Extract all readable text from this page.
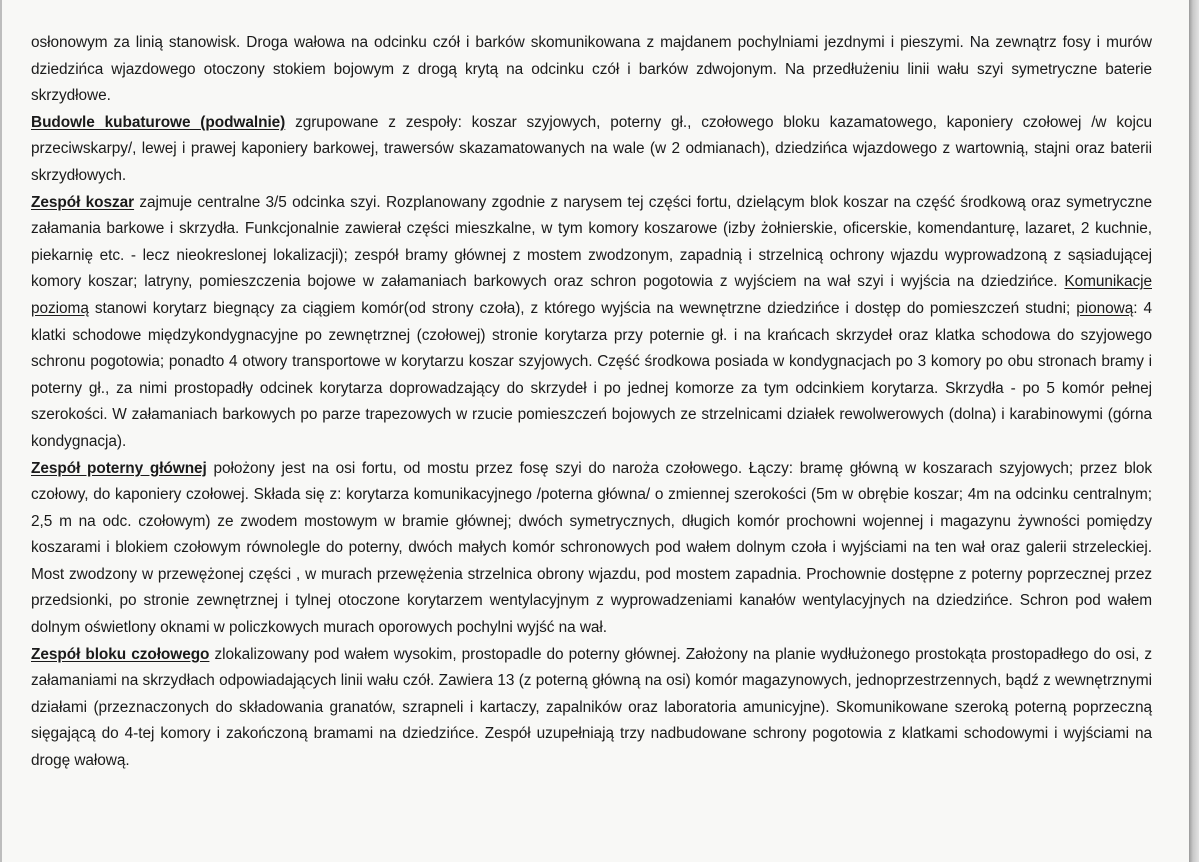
osłonowym za linią stanowisk. Droga wałowa na odcinku czół i barków skomunikowana z majdanem pochylniami jezdnymi i pieszymi. Na zewnątrz fosy i murów dziedzińca wjazdowego otoczony stokiem bojowym z drogą krytą na odcinku czół i barków zdwojonym. Na przedłużeniu linii wału szyi symetryczne baterie skrzydłowe.

Budowle kubaturowe (podwalnie) zgrupowane z zespoły: koszar szyjowych, poterny gł., czołowego bloku kazamatowego, kaponiery czołowej /w kojcu przeciwskarpy/, lewej i prawej kaponiery barkowej, trawersów skazamatowanych na wale (w 2 odmianach), dziedzińca wjazdowego z wartownią, stajni oraz baterii skrzydłowych.

Zespół koszar zajmuje centralne 3/5 odcinka szyi. Rozplanowany zgodnie z narysem tej części fortu, dzielącym blok koszar na część środkową oraz symetryczne załamania barkowe i skrzydła. Funkcjonalnie zawierał części mieszkalne, w tym komory koszarowe (izby żołnierskie, oficerskie, komendanturę, lazaret, 2 kuchnie, piekarnię etc. - lecz nieokreslonej lokalizacji); zespół bramy głównej z mostem zwodzonym, zapadnią i strzelnicą ochrony wjazdu wyprowadzoną z sąsiadującej komory koszar; latryny, pomieszczenia bojowe w załamaniach barkowych oraz schron pogotowia z wyjściem na wał szyi i wyjścia na dziedzińce. Komunikacje poziomą stanowi korytarz biegnący za ciągiem komór(od strony czoła), z którego wyjścia na wewnętrzne dziedzińce i dostęp do pomieszczeń studni; pionową: 4 klatki schodowe międzykondygnacyjne po zewnętrznej (czołowej) stronie korytarza przy poternie gł. i na krańcach skrzydeł oraz klatka schodowa do szyjowego schronu pogotowia; ponadto 4 otwory transportowe w korytarzu koszar szyjowych. Część środkowa posiada w kondygnacjach po 3 komory po obu stronach bramy i poterny gł., za nimi prostopadły odcinek korytarza doprowadzający do skrzydeł i po jednej komorze za tym odcinkiem korytarza. Skrzydła - po 5 komór pełnej szerokości. W załamaniach barkowych po parze trapezowych w rzucie pomieszczeń bojowych ze strzelnicami działek rewolwerowych (dolna) i karabinowymi (górna kondygnacja).

Zespół poterny głównej położony jest na osi fortu, od mostu przez fosę szyi do naroża czołowego. Łączy: bramę główną w koszarach szyjowych; przez blok czołowy, do kaponiery czołowej. Składa się z: korytarza komunikacyjnego /poterna główna/ o zmiennej szerokości (5m w obrębie koszar; 4m na odcinku centralnym; 2,5 m na odc. czołowym) ze zwodem mostowym w bramie głównej; dwóch symetrycznych, długich komór prochowni wojennej i magazynu żywności pomiędzy koszarami i blokiem czołowym równolegle do poterny, dwóch małych komór schronowych pod wałem dolnym czoła i wyjściami na ten wał oraz galerii strzeleckiej. Most zwodzony w przewężonej części , w murach przewężenia strzelnica obrony wjazdu, pod mostem zapadnia. Prochownie dostępne z poterny poprzecznej przez przedsionki, po stronie zewnętrznej i tylnej otoczone korytarzem wentylacyjnym z wyprowadzeniami kanałów wentylacyjnych na dziedzińce. Schron pod wałem dolnym oświetlony oknami w policzkowych murach oporowych pochylni wyjść na wał.

Zespół bloku czołowego zlokalizowany pod wałem wysokim, prostopadle do poterny głównej. Założony na planie wydłużonego prostokąta prostopadłego do osi, z załamaniami na skrzydłach odpowiadających linii wału czół. Zawiera 13 (z poterną główną na osi) komór magazynowych, jednoprzestrzennych, bądź z wewnętrznymi działami (przeznaczonych do składowania granatów, szrapneli i kartaczy, zapalników oraz laboratoria amunicyjne). Skomunikowane szeroką poterną poprzeczną sięgającą do 4-tej komory i zakończoną bramami na dziedzińce. Zespół uzupełniają trzy nadbudowane schrony pogotowia z klatkami schodowymi i wyjściami na drogę wałową.
